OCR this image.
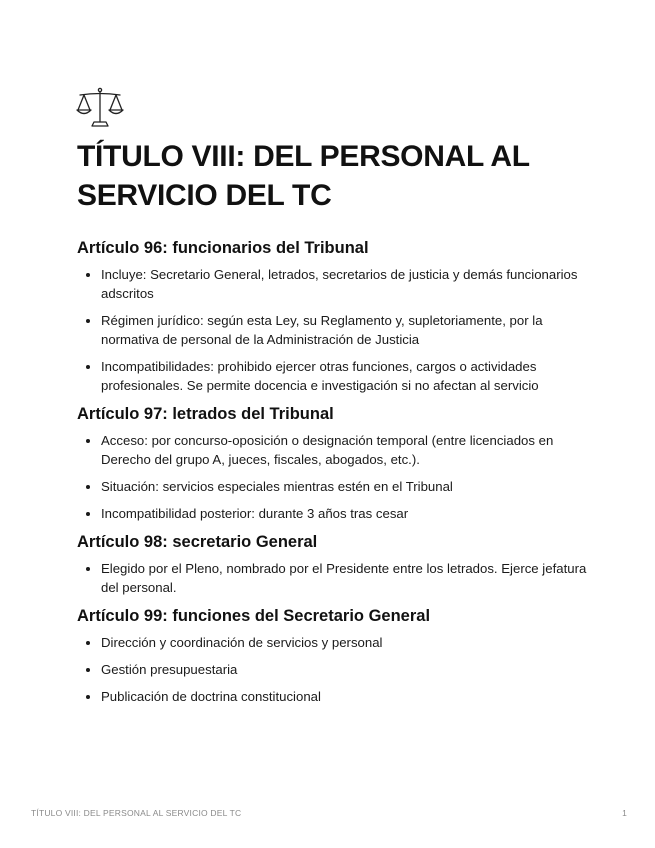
TÍTULO VIII: DEL PERSONAL AL SERVICIO DEL TC
Artículo 96: funcionarios del Tribunal
• Incluye: Secretario General, letrados, secretarios de justicia y demás funcionarios adscritos
• Régimen jurídico: según esta Ley, su Reglamento y, supletoriamente, por la normativa de personal de la Administración de Justicia
• Incompatibilidades: prohibido ejercer otras funciones, cargos o actividades profesionales. Se permite docencia e investigación si no afectan al servicio
Artículo 97: letrados del Tribunal
• Acceso: por concurso-oposición o designación temporal (entre licenciados en Derecho del grupo A, jueces, fiscales, abogados, etc.).
• Situación: servicios especiales mientras estén en el Tribunal
• Incompatibilidad posterior: durante 3 años tras cesar
Artículo 98: secretario General
• Elegido por el Pleno, nombrado por el Presidente entre los letrados. Ejerce jefatura del personal.
Artículo 99: funciones del Secretario General
• Dirección y coordinación de servicios y personal
• Gestión presupuestaria
• Publicación de doctrina constitucional
TÍTULO VIII: DEL PERSONAL AL SERVICIO DEL TC	1
